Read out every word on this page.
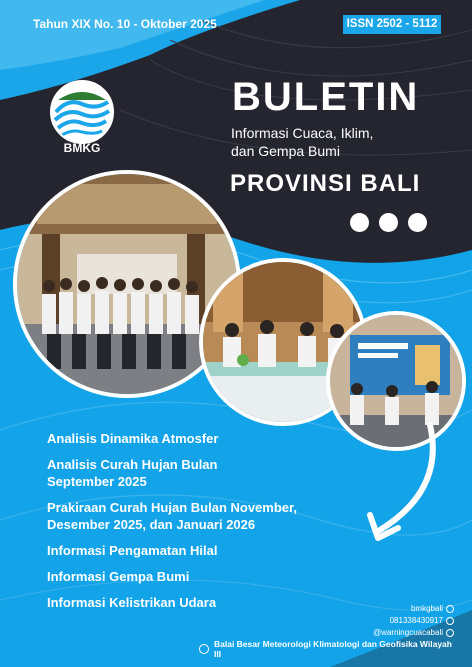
Tahun XIX No. 10 - Oktober 2025	ISSN 2502 - 5112
BMKG
BULETIN
Informasi Cuaca, Iklim,
dan Gempa Bumi
PROVINSI BALI
Analisis Dinamika Atmosfer
Analisis Curah Hujan Bulan September 2025
Prakiraan Curah Hujan Bulan November, Desember 2025, dan Januari 2026
Informasi Pengamatan Hilal
Informasi Gempa Bumi
Informasi Kelistrikan Udara	bmkgbali
081338430917
@warningcuacabali
Balai Besar Meteorologi Klimatologi dan Geofisika Wilayah III
